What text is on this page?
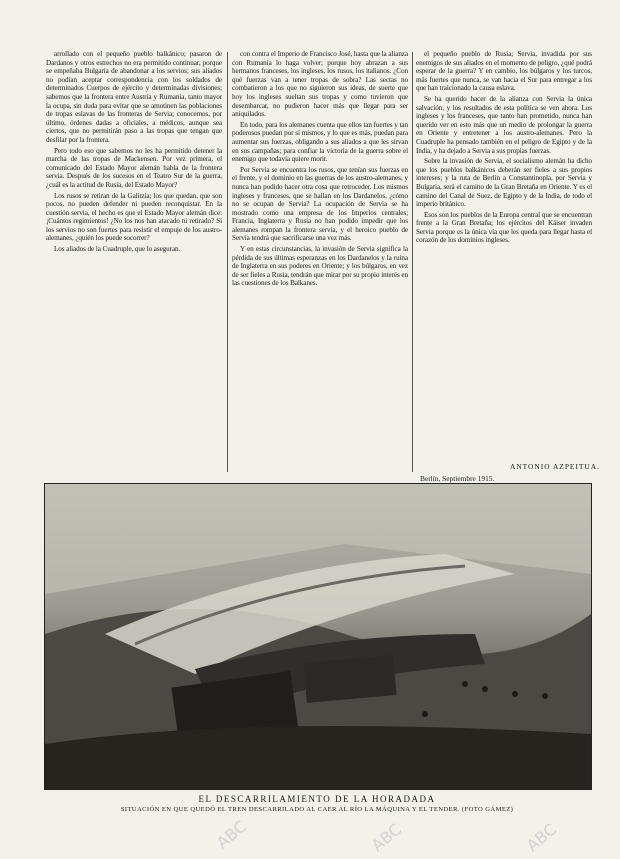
arrollado con el pequeño pueblo balkánico; pasaron de Dardanos y otros estrechos no era permitido continuar, porque se empeñaba Bulgaria de abandonar a los servios; sus aliados no podían aceptar correspondencia con los soldados de determinados Cuerpos de ejército y determinadas divisiones; sabemos que la frontera entre Austria y Rumania, tanto mayor la ocupa, sin duda para evitar que se amotinen las poblaciones de tropas eslavas de las fronteras de Servia; conocemos, por último, órdenes dadas a oficiales, a médicos, aunque sea ciertos, que no permitirán paso a las tropas que tengan que desfilar por la frontera.

Pero todo eso que sabemos no les ha permitido detener la marcha de las tropas de Mackensen. Por vez primera, el comunicado del Estado Mayor alemán habla de la frontera servia. Después de los sucesos en el Teatro Sur de la guerra, ¿cuál es la actitud de Rusia, del Estado Mayor?

Los rusos se retiran de la Galitzia; los que quedan, que son pocos, no pueden defender ni pueden reconquistar. En la cuestión servia, el hecho es que el Estado Mayor alemán dice: ¡Cuántos regimientos! ¿No los nos han atacado ni retirado? Si los servios no son fuertes para resistir el empuje de los austro-alemanes, ¿quién los puede socorrer?

Los aliados de la Cuadruple, que lo aseguran.

con contra el Imperio de Francisco José, hasta que la alianza con Rumania lo haga volver; porque hoy abrazan a sus hermanos franceses, los ingleses, los rusos, los italianos. ¿Con qué fuerzas van a tener tropas de sobra? Las sectas no combatieron a los que no siguieron sus ideas, de suerte que hoy los ingleses sueltan sus tropas y como tuvieron que desembarcar, no pudieron hacer más que llegar para ser aniquilados.

En todo, para los alemanes cuenta que ellos tan fuertes y tan poderosos puedan por sí mismos, y lo que es más, puedan para aumentar sus fuerzas, obligando a sus aliados a que les sirvan en sus campañas; para confiar la victoria de la guerra sobre el enemigo que todavía quiere morir.

Por Servia se encuentra los rusos, que tenían sus fuerzas en el frente, y el dominio en las guerras de los austro-alemanes, y nunca han podido hacer otra cosa que retroceder. Los mismos ingleses y franceses, que se hallan en los Dardanelos, ¿cómo no se ocupan de Servia? La ocupación de Servia se ha mostrado como una empresa de los Imperios centrales; Francia, Inglaterra y Rusia no han podido impedir que los alemanes rompan la frontera servia, y el heroico pueblo de Servia tendrá que sacrificarse una vez más.

Y en estas circunstancias, la invasión de Servia significa la pérdida de sus últimas esperanzas en los Dardanelos y la ruina de Inglaterra en sus poderes en Oriente; y los búlgaros, en vez de ser fieles a Rusia, tendrán que mirar por su propio interés en las cuestiones de los Balkanes.

el pequeño pueblo de Rusia; Servia, invadida por sus enemigos de sus aliados en el momento de peligro, ¿qué podrá esperar de la guerra? Y en cambio, los búlgaros y los turcos, más fuertes que nunca, se van hacia el Sur para entregar a los que han traicionado la causa eslava.

Se ha querido hacer de la alianza con Servia la única salvación, y los resultados de esta política se ven ahora. Los ingleses y los franceses, que tanto han prometido, nunca han querido ver en esto más que un medio de prolongar la guerra en Oriente y entretener a los austro-alemanes. Pero la Cuadruple ha pensado también en el peligro de Egipto y de la India, y ha dejado a Servia a sus propias fuerzas.

Sobre la invasión de Servia, el socialismo alemán ha dicho que los pueblos balkánicos deberán ser fieles a sus propios intereses; y la ruta de Berlín a Constantinopla, por Servia y Bulgaria, será el camino de la Gran Bretaña en Oriente. Y es el camino del Canal de Suez, de Egipto y de la India, de todo el imperio británico.

Esos son los pueblos de la Europa central que se encuentran frente a la Gran Bretaña; los ejércitos del Káiser invaden Servia porque es la única vía que les queda para llegar hasta el corazón de los dominios ingleses.

ANTONIO AZPEITUA.
Berlín, Septiembre 1915.
EL DESCARRILAMIENTO DE LA HORADADA
SITUACIÓN EN QUE QUEDÓ EL TREN DESCARRILADO AL CAER AL RÍO LA MÁQUINA Y EL TENDER. (FOTO GÁMEZ)
ABC	ABC	ABC
